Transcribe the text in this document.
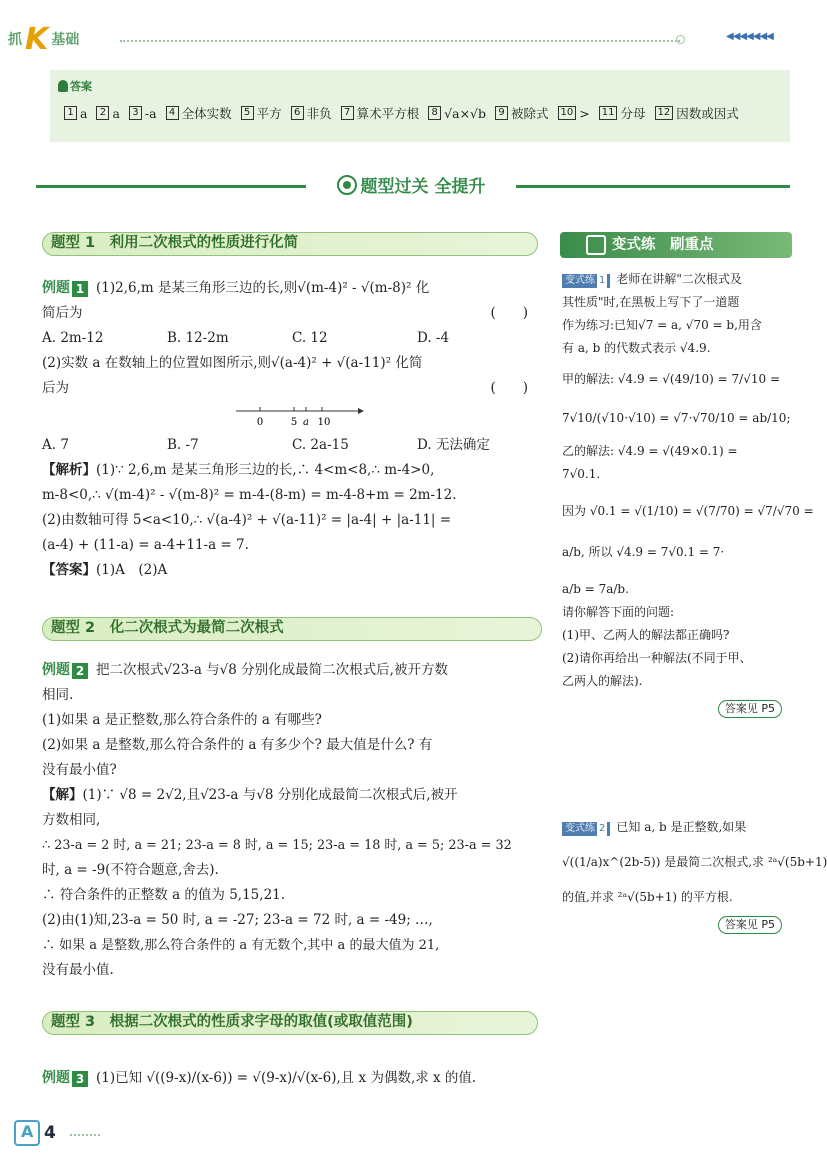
抓 K 基础	◀◀◀◀◀◀◀
答案
1 a	2 a	3 -a	4 全体实数	5 平方	6 非负	7 算术平方根	8 √a×√b	9 被除式	10 >	11 分母	12 因数或因式
题型过关 全提升
题型 1　利用二次根式的性质进行化简
例题 1 (1)2,6,m 是某三角形三边的长,则√(m-4)² - √(m-8)² 化
简后为	(　　)
A. 2m-12	B. 12-2m	C. 12	D. -4
(2)实数 a 在数轴上的位置如图所示,则√(a-4)² + √(a-11)² 化简
后为	(　　)
0	5 a 10
A. 7	B. -7	C. 2a-15	D. 无法确定
【解析】(1)∵ 2,6,m 是某三角形三边的长,∴ 4<m<8,∴ m-4>0,
m-8<0,∴ √(m-4)² - √(m-8)² = m-4-(8-m) = m-4-8+m = 2m-12.
(2)由数轴可得 5<a<10,∴ √(a-4)² + √(a-11)² = |a-4| + |a-11| =
(a-4) + (11-a) = a-4+11-a = 7.
【答案】(1)A　(2)A
题型 2　化二次根式为最简二次根式
例题 2 把二次根式√23-a 与√8 分别化成最简二次根式后,被开方数
相同.
(1)如果 a 是正整数,那么符合条件的 a 有哪些?
(2)如果 a 是整数,那么符合条件的 a 有多少个? 最大值是什么? 有
没有最小值?
【解】(1)∵ √8 = 2√2,且√23-a 与√8 分别化成最简二次根式后,被开
方数相同,
∴ 23-a = 2 时, a = 21; 23-a = 8 时, a = 15; 23-a = 18 时, a = 5; 23-a = 32
时, a = -9(不符合题意,舍去).
∴ 符合条件的正整数 a 的值为 5,15,21.
(2)由(1)知,23-a = 50 时, a = -27; 23-a = 72 时, a = -49; …,
∴ 如果 a 是整数,那么符合条件的 a 有无数个,其中 a 的最大值为 21,
没有最小值.
题型 3　根据二次根式的性质求字母的取值(或取值范围)
例题 3 (1)已知 √((9-x)/(x-6)) = √(9-x)/√(x-6),且 x 为偶数,求 x 的值.
变式练　刷重点
变式练 1 老师在讲解"二次根式及
其性质"时,在黑板上写下了一道题
作为练习:已知√7 = a, √70 = b,用含
有 a, b 的代数式表示 √4.9.
甲的解法: √4.9 = √(49/10) = 7/√10 =
7√10/(√10·√10) = √7·√70/10 = ab/10;
乙的解法: √4.9 = √(49×0.1) =
7√0.1.
因为 √0.1 = √(1/10) = √(7/70) = √7/√70 =
a/b, 所以 √4.9 = 7√0.1 = 7·
a/b = 7a/b.
请你解答下面的问题:
(1)甲、乙两人的解法都正确吗?
(2)请你再给出一种解法(不同于甲、
乙两人的解法).
答案见 P5
变式练 2 已知 a, b 是正整数,如果
√((1/a)x^(2b-5)) 是最简二次根式,求 ²ᵃ√(5b+1)
的值,并求 ²ᵃ√(5b+1) 的平方根.
答案见 P5
A
4
